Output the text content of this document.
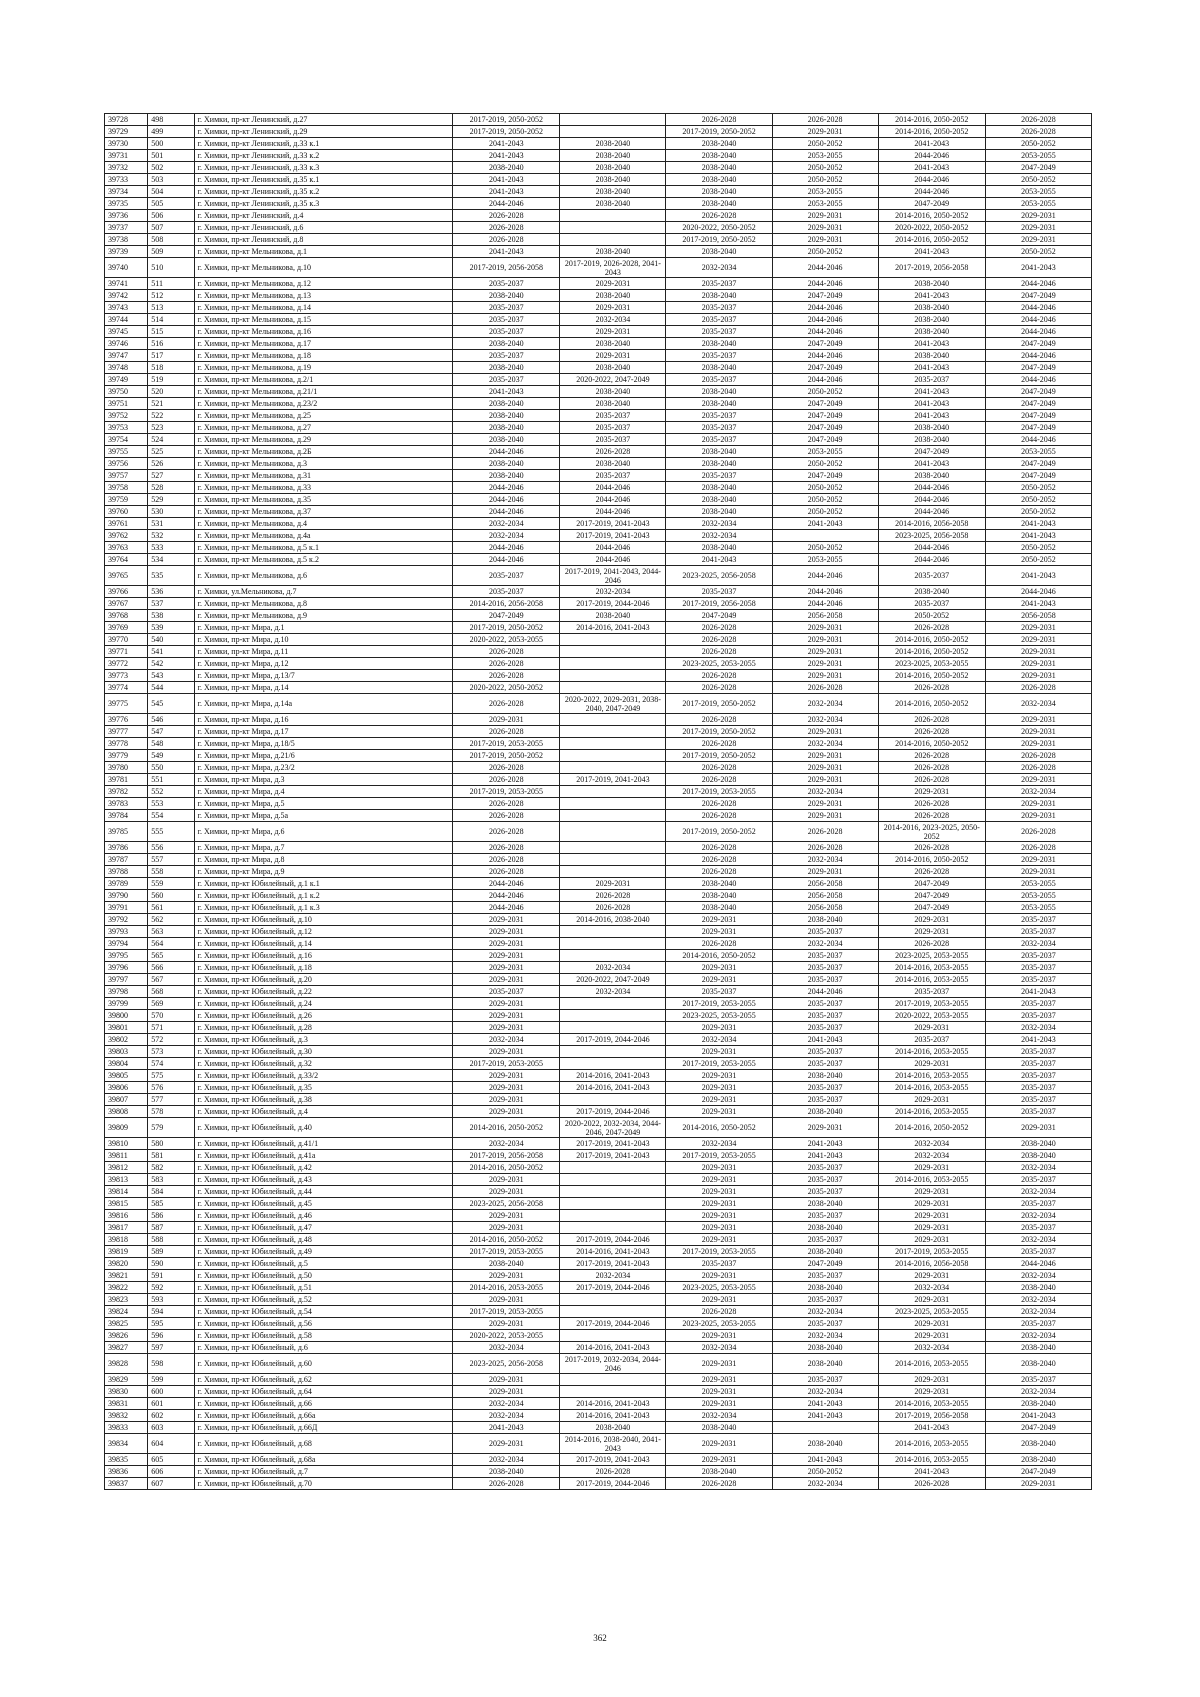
39728	498	г. Химки, пр-кт Ленинский, д.27	2017-2019, 2050-2052		2026-2028	2026-2028	2014-2016, 2050-2052	2026-2028
39729	499	г. Химки, пр-кт Ленинский, д.29	2017-2019, 2050-2052		2017-2019, 2050-2052	2029-2031	2014-2016, 2050-2052	2026-2028
39730	500	г. Химки, пр-кт Ленинский, д.33 к.1	2041-2043	2038-2040	2038-2040	2050-2052	2041-2043	2050-2052
39731	501	г. Химки, пр-кт Ленинский, д.33 к.2	2041-2043	2038-2040	2038-2040	2053-2055	2044-2046	2053-2055
39732	502	г. Химки, пр-кт Ленинский, д.33 к.3	2038-2040	2038-2040	2038-2040	2050-2052	2041-2043	2047-2049
39733	503	г. Химки, пр-кт Ленинский, д.35 к.1	2041-2043	2038-2040	2038-2040	2050-2052	2044-2046	2050-2052
39734	504	г. Химки, пр-кт Ленинский, д.35 к.2	2041-2043	2038-2040	2038-2040	2053-2055	2044-2046	2053-2055
39735	505	г. Химки, пр-кт Ленинский, д.35 к.3	2044-2046	2038-2040	2038-2040	2053-2055	2047-2049	2053-2055
39736	506	г. Химки, пр-кт Ленинский, д.4	2026-2028		2026-2028	2029-2031	2014-2016, 2050-2052	2029-2031
39737	507	г. Химки, пр-кт Ленинский, д.6	2026-2028		2020-2022, 2050-2052	2029-2031	2020-2022, 2050-2052	2029-2031
39738	508	г. Химки, пр-кт Ленинский, д.8	2026-2028		2017-2019, 2050-2052	2029-2031	2014-2016, 2050-2052	2029-2031
39739	509	г. Химки, пр-кт Мельникова, д.1	2041-2043	2038-2040	2038-2040	2050-2052	2041-2043	2050-2052
39740	510	г. Химки, пр-кт Мельникова, д.10	2017-2019, 2056-2058	2017-2019, 2026-2028, 2041-2043	2032-2034	2044-2046	2017-2019, 2056-2058	2041-2043
39741	511	г. Химки, пр-кт Мельникова, д.12	2035-2037	2029-2031	2035-2037	2044-2046	2038-2040	2044-2046
39742	512	г. Химки, пр-кт Мельникова, д.13	2038-2040	2038-2040	2038-2040	2047-2049	2041-2043	2047-2049
39743	513	г. Химки, пр-кт Мельникова, д.14	2035-2037	2029-2031	2035-2037	2044-2046	2038-2040	2044-2046
39744	514	г. Химки, пр-кт Мельникова, д.15	2035-2037	2032-2034	2035-2037	2044-2046	2038-2040	2044-2046
39745	515	г. Химки, пр-кт Мельникова, д.16	2035-2037	2029-2031	2035-2037	2044-2046	2038-2040	2044-2046
39746	516	г. Химки, пр-кт Мельникова, д.17	2038-2040	2038-2040	2038-2040	2047-2049	2041-2043	2047-2049
39747	517	г. Химки, пр-кт Мельникова, д.18	2035-2037	2029-2031	2035-2037	2044-2046	2038-2040	2044-2046
39748	518	г. Химки, пр-кт Мельникова, д.19	2038-2040	2038-2040	2038-2040	2047-2049	2041-2043	2047-2049
39749	519	г. Химки, пр-кт Мельникова, д.2/1	2035-2037	2020-2022, 2047-2049	2035-2037	2044-2046	2035-2037	2044-2046
39750	520	г. Химки, пр-кт Мельникова, д.21/1	2041-2043	2038-2040	2038-2040	2050-2052	2041-2043	2047-2049
39751	521	г. Химки, пр-кт Мельникова, д.23/2	2038-2040	2038-2040	2038-2040	2047-2049	2041-2043	2047-2049
39752	522	г. Химки, пр-кт Мельникова, д.25	2038-2040	2035-2037	2035-2037	2047-2049	2041-2043	2047-2049
39753	523	г. Химки, пр-кт Мельникова, д.27	2038-2040	2035-2037	2035-2037	2047-2049	2038-2040	2047-2049
39754	524	г. Химки, пр-кт Мельникова, д.29	2038-2040	2035-2037	2035-2037	2047-2049	2038-2040	2044-2046
39755	525	г. Химки, пр-кт Мельникова, д.2Б	2044-2046	2026-2028	2038-2040	2053-2055	2047-2049	2053-2055
39756	526	г. Химки, пр-кт Мельникова, д.3	2038-2040	2038-2040	2038-2040	2050-2052	2041-2043	2047-2049
39757	527	г. Химки, пр-кт Мельникова, д.31	2038-2040	2035-2037	2035-2037	2047-2049	2038-2040	2047-2049
39758	528	г. Химки, пр-кт Мельникова, д.33	2044-2046	2044-2046	2038-2040	2050-2052	2044-2046	2050-2052
39759	529	г. Химки, пр-кт Мельникова, д.35	2044-2046	2044-2046	2038-2040	2050-2052	2044-2046	2050-2052
39760	530	г. Химки, пр-кт Мельникова, д.37	2044-2046	2044-2046	2038-2040	2050-2052	2044-2046	2050-2052
39761	531	г. Химки, пр-кт Мельникова, д.4	2032-2034	2017-2019, 2041-2043	2032-2034	2041-2043	2014-2016, 2056-2058	2041-2043
39762	532	г. Химки, пр-кт Мельникова, д.4а	2032-2034	2017-2019, 2041-2043	2032-2034		2023-2025, 2056-2058	2041-2043
39763	533	г. Химки, пр-кт Мельникова, д.5 к.1	2044-2046	2044-2046	2038-2040	2050-2052	2044-2046	2050-2052
39764	534	г. Химки, пр-кт Мельникова, д.5 к.2	2044-2046	2044-2046	2041-2043	2053-2055	2044-2046	2050-2052
39765	535	г. Химки, пр-кт Мельникова, д.6	2035-2037	2017-2019, 2041-2043, 2044-2046	2023-2025, 2056-2058	2044-2046	2035-2037	2041-2043
39766	536	г. Химки, ул.Мельникова, д.7	2035-2037	2032-2034	2035-2037	2044-2046	2038-2040	2044-2046
39767	537	г. Химки, пр-кт Мельникова, д.8	2014-2016, 2056-2058	2017-2019, 2044-2046	2017-2019, 2056-2058	2044-2046	2035-2037	2041-2043
39768	538	г. Химки, пр-кт Мельникова, д.9	2047-2049	2038-2040	2047-2049	2056-2058	2050-2052	2056-2058
39769	539	г. Химки, пр-кт Мира, д.1	2017-2019, 2050-2052	2014-2016, 2041-2043	2026-2028	2029-2031	2026-2028	2029-2031
39770	540	г. Химки, пр-кт Мира, д.10	2020-2022, 2053-2055		2026-2028	2029-2031	2014-2016, 2050-2052	2029-2031
39771	541	г. Химки, пр-кт Мира, д.11	2026-2028		2026-2028	2029-2031	2014-2016, 2050-2052	2029-2031
39772	542	г. Химки, пр-кт Мира, д.12	2026-2028		2023-2025, 2053-2055	2029-2031	2023-2025, 2053-2055	2029-2031
39773	543	г. Химки, пр-кт Мира, д.13/7	2026-2028		2026-2028	2029-2031	2014-2016, 2050-2052	2029-2031
39774	544	г. Химки, пр-кт Мира, д.14	2020-2022, 2050-2052		2026-2028	2026-2028	2026-2028	2026-2028
39775	545	г. Химки, пр-кт Мира, д.14а	2026-2028	2020-2022, 2029-2031, 2038-2040, 2047-2049	2017-2019, 2050-2052	2032-2034	2014-2016, 2050-2052	2032-2034
39776	546	г. Химки, пр-кт Мира, д.16	2029-2031		2026-2028	2032-2034	2026-2028	2029-2031
39777	547	г. Химки, пр-кт Мира, д.17	2026-2028		2017-2019, 2050-2052	2029-2031	2026-2028	2029-2031
39778	548	г. Химки, пр-кт Мира, д.18/5	2017-2019, 2053-2055		2026-2028	2032-2034	2014-2016, 2050-2052	2029-2031
39779	549	г. Химки, пр-кт Мира, д.21/6	2017-2019, 2050-2052		2017-2019, 2050-2052	2029-2031	2026-2028	2026-2028
39780	550	г. Химки, пр-кт Мира, д.23/2	2026-2028		2026-2028	2029-2031	2026-2028	2026-2028
39781	551	г. Химки, пр-кт Мира, д.3	2026-2028	2017-2019, 2041-2043	2026-2028	2029-2031	2026-2028	2029-2031
39782	552	г. Химки, пр-кт Мира, д.4	2017-2019, 2053-2055		2017-2019, 2053-2055	2032-2034	2029-2031	2032-2034
39783	553	г. Химки, пр-кт Мира, д.5	2026-2028		2026-2028	2029-2031	2026-2028	2029-2031
39784	554	г. Химки, пр-кт Мира, д.5а	2026-2028		2026-2028	2029-2031	2026-2028	2029-2031
39785	555	г. Химки, пр-кт Мира, д.6	2026-2028		2017-2019, 2050-2052	2026-2028	2014-2016, 2023-2025, 2050-2052	2026-2028
39786	556	г. Химки, пр-кт Мира, д.7	2026-2028		2026-2028	2026-2028	2026-2028	2026-2028
39787	557	г. Химки, пр-кт Мира, д.8	2026-2028		2026-2028	2032-2034	2014-2016, 2050-2052	2029-2031
39788	558	г. Химки, пр-кт Мира, д.9	2026-2028		2026-2028	2029-2031	2026-2028	2029-2031
39789	559	г. Химки, пр-кт Юбилейный, д.1 к.1	2044-2046	2029-2031	2038-2040	2056-2058	2047-2049	2053-2055
39790	560	г. Химки, пр-кт Юбилейный, д.1 к.2	2044-2046	2026-2028	2038-2040	2056-2058	2047-2049	2053-2055
39791	561	г. Химки, пр-кт Юбилейный, д.1 к.3	2044-2046	2026-2028	2038-2040	2056-2058	2047-2049	2053-2055
39792	562	г. Химки, пр-кт Юбилейный, д.10	2029-2031	2014-2016, 2038-2040	2029-2031	2038-2040	2029-2031	2035-2037
39793	563	г. Химки, пр-кт Юбилейный, д.12	2029-2031		2029-2031	2035-2037	2029-2031	2035-2037
39794	564	г. Химки, пр-кт Юбилейный, д.14	2029-2031		2026-2028	2032-2034	2026-2028	2032-2034
39795	565	г. Химки, пр-кт Юбилейный, д.16	2029-2031		2014-2016, 2050-2052	2035-2037	2023-2025, 2053-2055	2035-2037
39796	566	г. Химки, пр-кт Юбилейный, д.18	2029-2031	2032-2034	2029-2031	2035-2037	2014-2016, 2053-2055	2035-2037
39797	567	г. Химки, пр-кт Юбилейный, д.20	2029-2031	2020-2022, 2047-2049	2029-2031	2035-2037	2014-2016, 2053-2055	2035-2037
39798	568	г. Химки, пр-кт Юбилейный, д.22	2035-2037	2032-2034	2035-2037	2044-2046	2035-2037	2041-2043
39799	569	г. Химки, пр-кт Юбилейный, д.24	2029-2031		2017-2019, 2053-2055	2035-2037	2017-2019, 2053-2055	2035-2037
39800	570	г. Химки, пр-кт Юбилейный, д.26	2029-2031		2023-2025, 2053-2055	2035-2037	2020-2022, 2053-2055	2035-2037
39801	571	г. Химки, пр-кт Юбилейный, д.28	2029-2031		2029-2031	2035-2037	2029-2031	2032-2034
39802	572	г. Химки, пр-кт Юбилейный, д.3	2032-2034	2017-2019, 2044-2046	2032-2034	2041-2043	2035-2037	2041-2043
39803	573	г. Химки, пр-кт Юбилейный, д.30	2029-2031		2029-2031	2035-2037	2014-2016, 2053-2055	2035-2037
39804	574	г. Химки, пр-кт Юбилейный, д.32	2017-2019, 2053-2055		2017-2019, 2053-2055	2035-2037	2029-2031	2035-2037
39805	575	г. Химки, пр-кт Юбилейный, д.33/2	2029-2031	2014-2016, 2041-2043	2029-2031	2038-2040	2014-2016, 2053-2055	2035-2037
39806	576	г. Химки, пр-кт Юбилейный, д.35	2029-2031	2014-2016, 2041-2043	2029-2031	2035-2037	2014-2016, 2053-2055	2035-2037
39807	577	г. Химки, пр-кт Юбилейный, д.38	2029-2031		2029-2031	2035-2037	2029-2031	2035-2037
39808	578	г. Химки, пр-кт Юбилейный, д.4	2029-2031	2017-2019, 2044-2046	2029-2031	2038-2040	2014-2016, 2053-2055	2035-2037
39809	579	г. Химки, пр-кт Юбилейный, д.40	2014-2016, 2050-2052	2020-2022, 2032-2034, 2044-2046, 2047-2049	2014-2016, 2050-2052	2029-2031	2014-2016, 2050-2052	2029-2031
39810	580	г. Химки, пр-кт Юбилейный, д.41/1	2032-2034	2017-2019, 2041-2043	2032-2034	2041-2043	2032-2034	2038-2040
39811	581	г. Химки, пр-кт Юбилейный, д.41а	2017-2019, 2056-2058	2017-2019, 2041-2043	2017-2019, 2053-2055	2041-2043	2032-2034	2038-2040
39812	582	г. Химки, пр-кт Юбилейный, д.42	2014-2016, 2050-2052		2029-2031	2035-2037	2029-2031	2032-2034
39813	583	г. Химки, пр-кт Юбилейный, д.43	2029-2031		2029-2031	2035-2037	2014-2016, 2053-2055	2035-2037
39814	584	г. Химки, пр-кт Юбилейный, д.44	2029-2031		2029-2031	2035-2037	2029-2031	2032-2034
39815	585	г. Химки, пр-кт Юбилейный, д.45	2023-2025, 2056-2058		2029-2031	2038-2040	2029-2031	2035-2037
39816	586	г. Химки, пр-кт Юбилейный, д.46	2029-2031		2029-2031	2035-2037	2029-2031	2032-2034
39817	587	г. Химки, пр-кт Юбилейный, д.47	2029-2031		2029-2031	2038-2040	2029-2031	2035-2037
39818	588	г. Химки, пр-кт Юбилейный, д.48	2014-2016, 2050-2052	2017-2019, 2044-2046	2029-2031	2035-2037	2029-2031	2032-2034
39819	589	г. Химки, пр-кт Юбилейный, д.49	2017-2019, 2053-2055	2014-2016, 2041-2043	2017-2019, 2053-2055	2038-2040	2017-2019, 2053-2055	2035-2037
39820	590	г. Химки, пр-кт Юбилейный, д.5	2038-2040	2017-2019, 2041-2043	2035-2037	2047-2049	2014-2016, 2056-2058	2044-2046
39821	591	г. Химки, пр-кт Юбилейный, д.50	2029-2031	2032-2034	2029-2031	2035-2037	2029-2031	2032-2034
39822	592	г. Химки, пр-кт Юбилейный, д.51	2014-2016, 2053-2055	2017-2019, 2044-2046	2023-2025, 2053-2055	2038-2040	2032-2034	2038-2040
39823	593	г. Химки, пр-кт Юбилейный, д.52	2029-2031		2029-2031	2035-2037	2029-2031	2032-2034
39824	594	г. Химки, пр-кт Юбилейный, д.54	2017-2019, 2053-2055		2026-2028	2032-2034	2023-2025, 2053-2055	2032-2034
39825	595	г. Химки, пр-кт Юбилейный, д.56	2029-2031	2017-2019, 2044-2046	2023-2025, 2053-2055	2035-2037	2029-2031	2035-2037
39826	596	г. Химки, пр-кт Юбилейный, д.58	2020-2022, 2053-2055		2029-2031	2032-2034	2029-2031	2032-2034
39827	597	г. Химки, пр-кт Юбилейный, д.6	2032-2034	2014-2016, 2041-2043	2032-2034	2038-2040	2032-2034	2038-2040
39828	598	г. Химки, пр-кт Юбилейный, д.60	2023-2025, 2056-2058	2017-2019, 2032-2034, 2044-2046	2029-2031	2038-2040	2014-2016, 2053-2055	2038-2040
39829	599	г. Химки, пр-кт Юбилейный, д.62	2029-2031		2029-2031	2035-2037	2029-2031	2035-2037
39830	600	г. Химки, пр-кт Юбилейный, д.64	2029-2031		2029-2031	2032-2034	2029-2031	2032-2034
39831	601	г. Химки, пр-кт Юбилейный, д.66	2032-2034	2014-2016, 2041-2043	2029-2031	2041-2043	2014-2016, 2053-2055	2038-2040
39832	602	г. Химки, пр-кт Юбилейный, д.66а	2032-2034	2014-2016, 2041-2043	2032-2034	2041-2043	2017-2019, 2056-2058	2041-2043
39833	603	г. Химки, пр-кт Юбилейный, д.66Д	2041-2043	2038-2040	2038-2040		2041-2043	2047-2049
39834	604	г. Химки, пр-кт Юбилейный, д.68	2029-2031	2014-2016, 2038-2040, 2041-2043	2029-2031	2038-2040	2014-2016, 2053-2055	2038-2040
39835	605	г. Химки, пр-кт Юбилейный, д.68а	2032-2034	2017-2019, 2041-2043	2029-2031	2041-2043	2014-2016, 2053-2055	2038-2040
39836	606	г. Химки, пр-кт Юбилейный, д.7	2038-2040	2026-2028	2038-2040	2050-2052	2041-2043	2047-2049
39837	607	г. Химки, пр-кт Юбилейный, д.70	2026-2028	2017-2019, 2044-2046	2026-2028	2032-2034	2026-2028	2029-2031
362
